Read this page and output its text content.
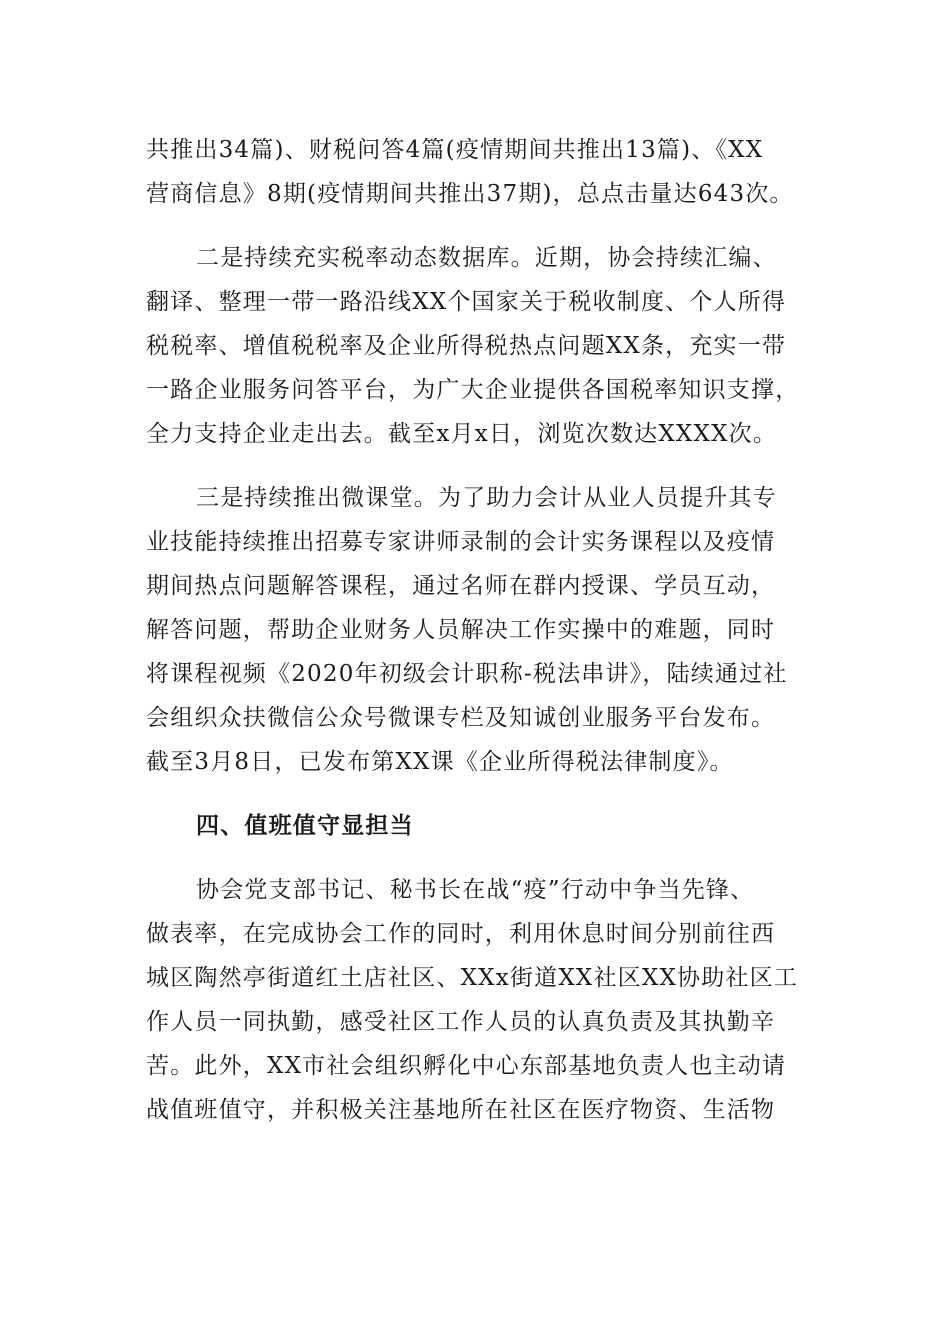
共推出34篇)、财税问答4篇(疫情期间共推出13篇)、《XX
营商信息》8期(疫情期间共推出37期)，总点击量达643次。

二是持续充实税率动态数据库。近期，协会持续汇编、
翻译、整理一带一路沿线XX个国家关于税收制度、个人所得
税税率、增值税税率及企业所得税热点问题XX条，充实一带
一路企业服务问答平台，为广大企业提供各国税率知识支撑，
全力支持企业走出去。截至x月x日，浏览次数达XXXX次。

三是持续推出微课堂。为了助力会计从业人员提升其专
业技能持续推出招募专家讲师录制的会计实务课程以及疫情
期间热点问题解答课程，通过名师在群内授课、学员互动，
解答问题，帮助企业财务人员解决工作实操中的难题，同时
将课程视频《2020年初级会计职称-税法串讲》，陆续通过社
会组织众扶微信公众号微课专栏及知诚创业服务平台发布。
截至3月8日，已发布第XX课《企业所得税法律制度》。

四、值班值守显担当

协会党支部书记、秘书长在战“疫”行动中争当先锋、
做表率，在完成协会工作的同时，利用休息时间分别前往西
城区陶然亭街道红土店社区、XXx街道XX社区XX协助社区工
作人员一同执勤，感受社区工作人员的认真负责及其执勤辛
苦。此外，XX市社会组织孵化中心东部基地负责人也主动请
战值班值守，并积极关注基地所在社区在医疗物资、生活物
